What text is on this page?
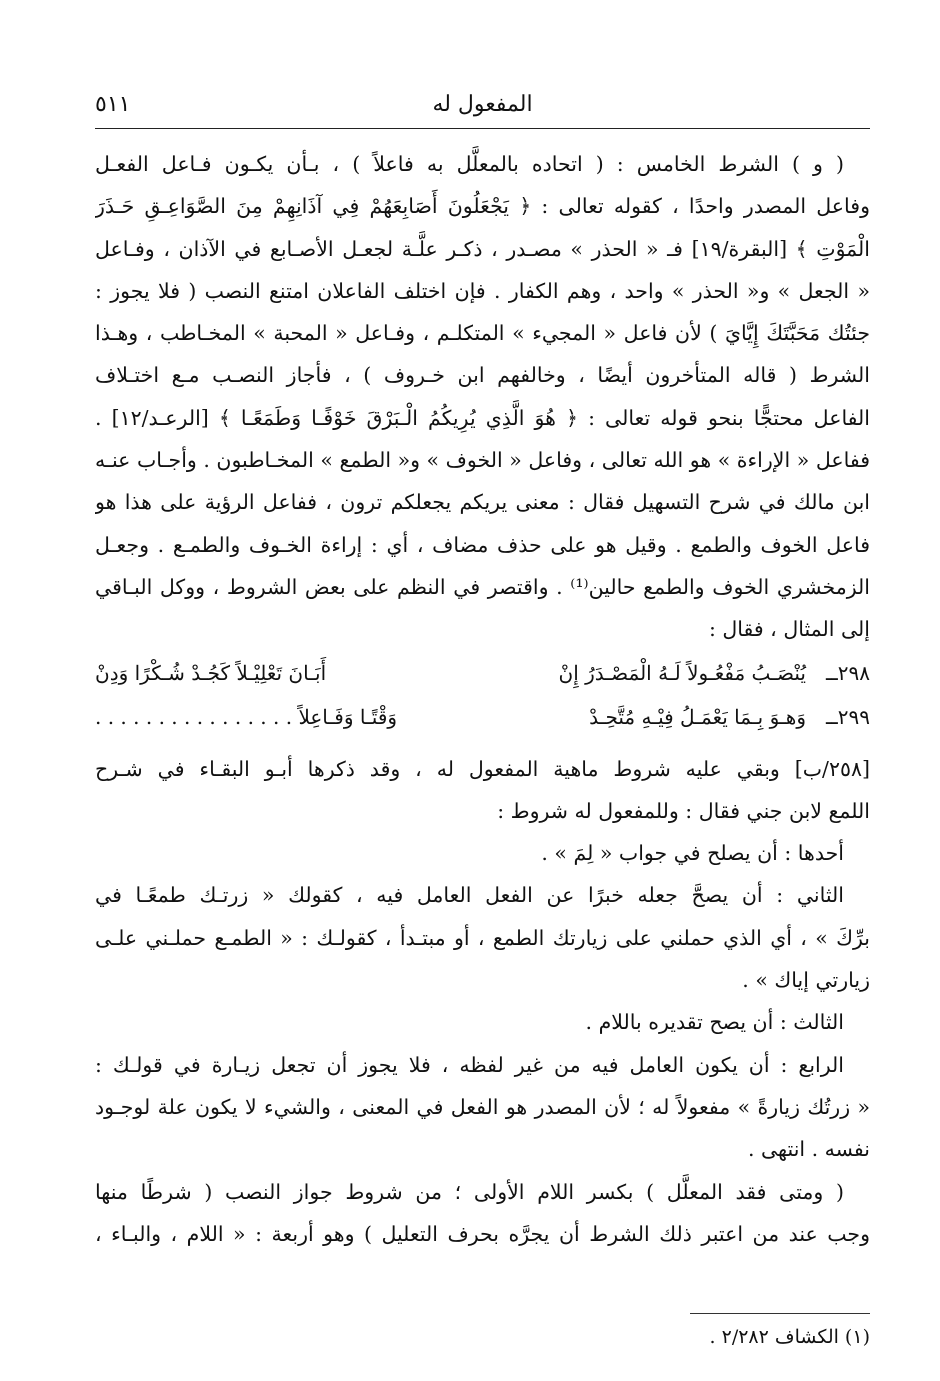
٥١١	المفعول له
( و ) الشرط الخامس : ( اتحاده بالمعلَّل به فاعلاً ) ، بـأن يكـون فـاعل الفعـل
وفاعل المصدر واحدًا ، كقوله تعالى : ﴿ يَجْعَلُونَ أَصَابِعَهُمْ فِي آذَانِهِمْ مِنَ الصَّوَاعِـقِ حَـذَرَ
الْمَوْتِ ﴾ [البقرة/١٩] فـ « الحذر » مصـدر ، ذكـر علَّـة لجعـل الأصـابع في الآذان ، وفـاعل
« الجعل » و« الحذر » واحد ، وهم الكفار . فإن اختلف الفاعلان امتنع النصب ( فلا يجوز :
جئتُك مَحَبَّتَكَ إِيَّايَ ) لأن فاعل « المجيء » المتكلـم ، وفـاعل « المحبة » المخـاطب ، وهـذا
الشرط ( قاله المتأخرون أيضًا ، وخالفهم ابن خـروف ) ، فأجاز النصـب مـع اختـلاف
الفاعل محتجًّا بنحو قوله تعالى : ﴿ هُوَ الَّذِي يُرِيكُمُ الْـبَرْقَ خَوْفًـا وَطَمَعًـا ﴾ [الرعـد/١٢] .
ففاعل « الإراءة » هو الله تعالى ، وفاعل « الخوف » و« الطمع » المخـاطبون . وأجـاب عنـه
ابن مالك في شرح التسهيل فقال : معنى يريكم يجعلكم ترون ، ففاعل الرؤية على هذا هو
فاعل الخوف والطمع . وقيل هو على حذف مضاف ، أي : إراءة الخـوف والطمـع . وجعـل
الزمخشري الخوف والطمع حالين⁽¹⁾ . واقتصر في النظم على بعض الشروط ، ووكل البـاقي
إلى المثال ، فقال :
٢٩٨ــ
يُنْصَـبُ مَفْعُـولاً لَـهُ الْمَصْـدَرُ إِنْ
أَبَـانَ تَعْلِيْـلاً كَجُـدْ شُـكْرًا وَدِنْ
٢٩٩ــ
وَهـوَ بِـمَا يَعْمَـلُ فِيْـهِ مُتَّحِـدْ
وَقْتًـا وَفَـاعِلاً . . . . . . . . . . . . . . . .
[٢٥٨/ب] وبقي عليه شروط ماهية المفعول له ، وقد ذكرها أبـو البقـاء في شـرح
اللمع لابن جني فقال : وللمفعول له شروط :
أحدها : أن يصلح في جواب « لِمَ » .
الثاني : أن يصحَّ جعله خبرًا عن الفعل العامل فيه ، كقولك « زرتـك طمعًـا في
برِّكَ » ، أي الذي حملني على زيارتك الطمع ، أو مبتـدأ ، كقولـك : « الطمـع حملـني علـى
زيارتي إياك » .
الثالث : أن يصح تقديره باللام .
الرابع : أن يكون العامل فيه من غير لفظه ، فلا يجوز أن تجعل زيـارة في قولـك :
« زرتُك زيارةً » مفعولاً له ؛ لأن المصدر هو الفعل في المعنى ، والشيء لا يكون علة لوجـود
نفسه . انتهى .
( ومتى فقد المعلَّل ) بكسر اللام الأولى ؛ من شروط جواز النصب ( شرطًا منها
وجب عند من اعتبر ذلك الشرط أن يجرَّه بحرف التعليل ) وهو أربعة : « اللام ، والبـاء ،
(١) الكشاف ٢/٢٨٢ .
